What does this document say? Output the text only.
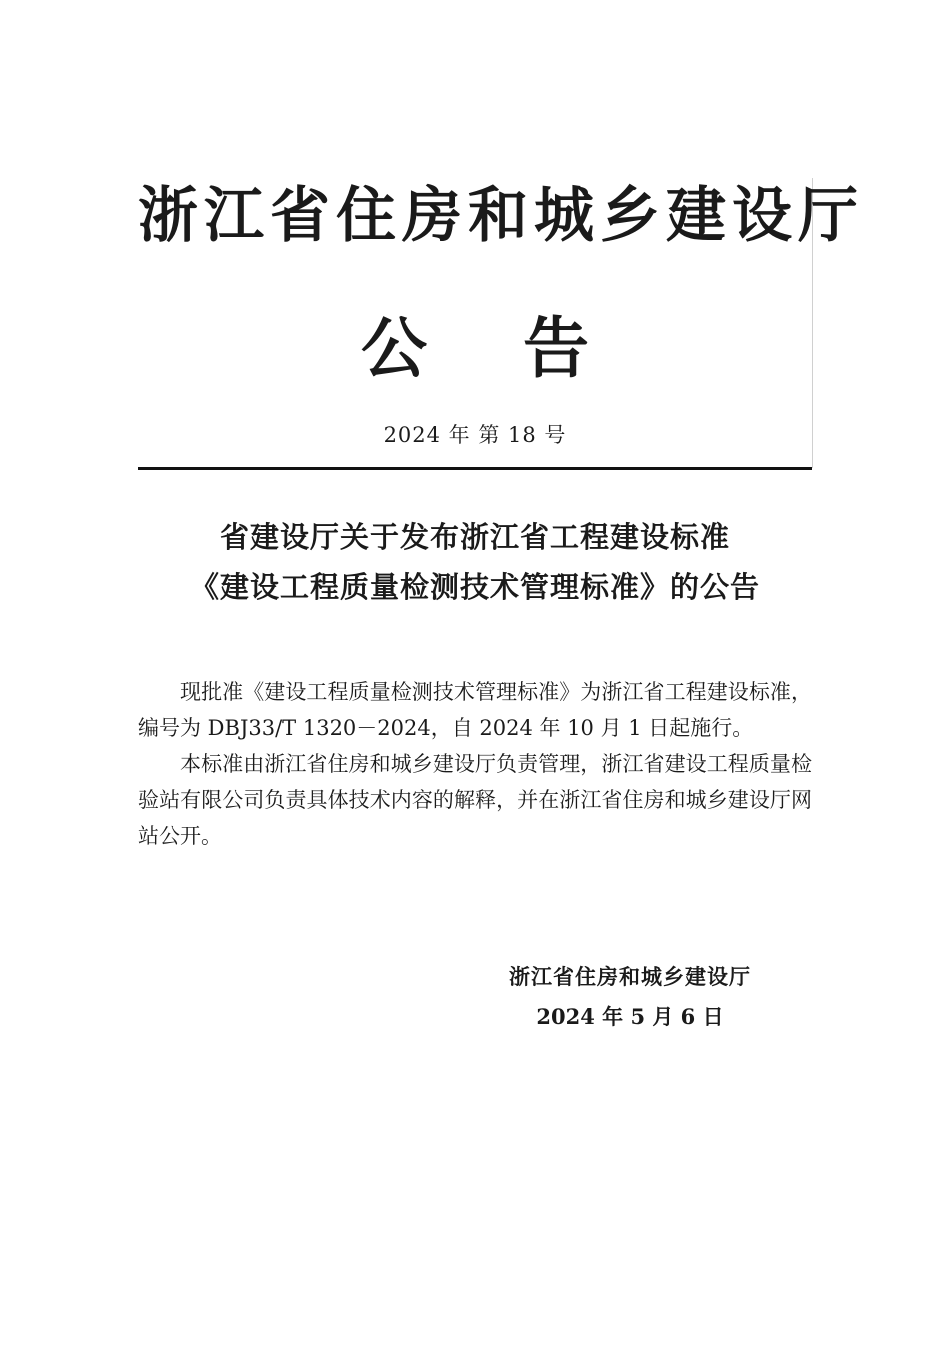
浙江省住房和城乡建设厅
公告
2024 年 第 18 号
省建设厅关于发布浙江省工程建设标准
《建设工程质量检测技术管理标准》的公告

现批准《建设工程质量检测技术管理标准》为浙江省工程建设标准，编号为 DBJ33/T 1320－2024，自 2024 年 10 月 1 日起施行。

本标准由浙江省住房和城乡建设厅负责管理，浙江省建设工程质量检验站有限公司负责具体技术内容的解释，并在浙江省住房和城乡建设厅网站公开。

浙江省住房和城乡建设厅
2024 年 5 月 6 日
